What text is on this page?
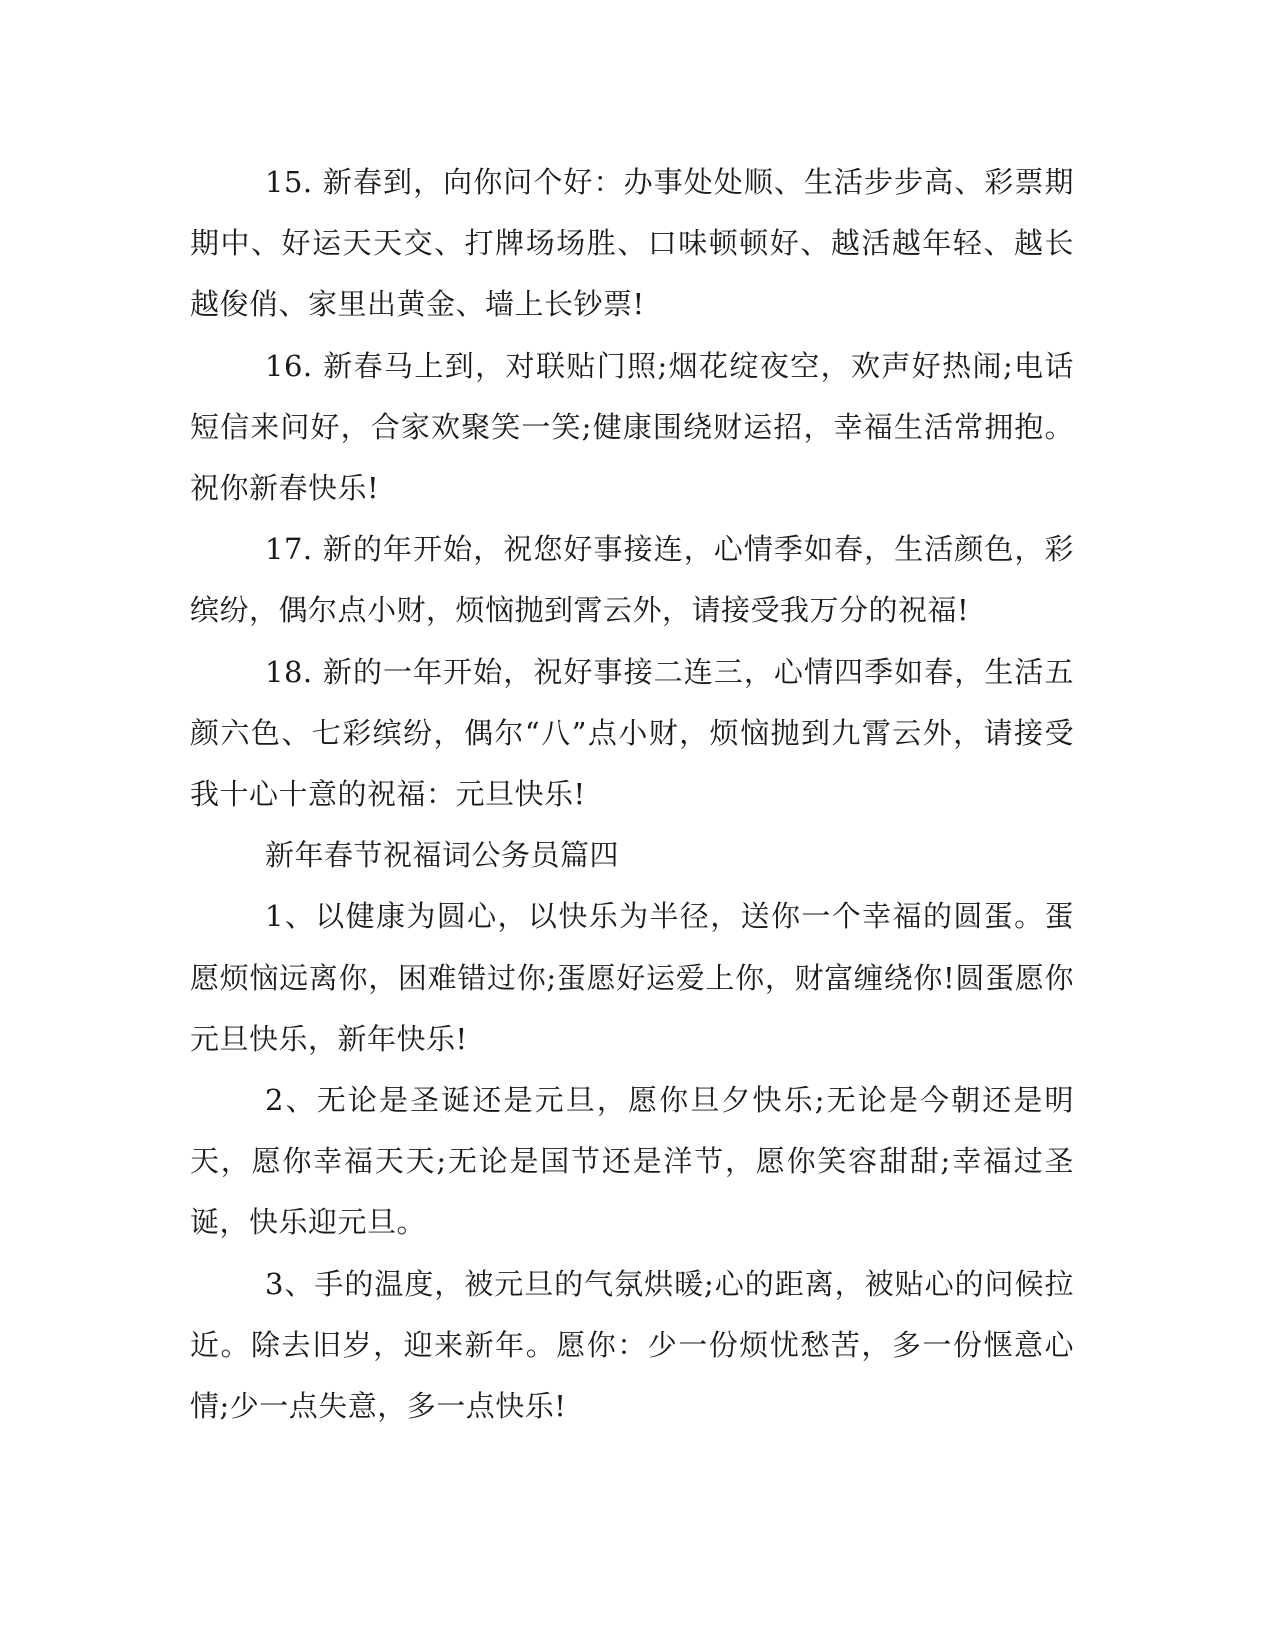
15. 新春到，向你问个好：办事处处顺、生活步步高、彩票期期中、好运天天交、打牌场场胜、口味顿顿好、越活越年轻、越长越俊俏、家里出黄金、墙上长钞票!

16. 新春马上到，对联贴门照;烟花绽夜空，欢声好热闹;电话短信来问好，合家欢聚笑一笑;健康围绕财运招，幸福生活常拥抱。祝你新春快乐!

17. 新的年开始，祝您好事接连，心情季如春，生活颜色，彩缤纷，偶尔点小财，烦恼抛到霄云外，请接受我万分的祝福!

18. 新的一年开始，祝好事接二连三，心情四季如春，生活五颜六色、七彩缤纷，偶尔“八”点小财，烦恼抛到九霄云外，请接受我十心十意的祝福：元旦快乐!

新年春节祝福词公务员篇四

1、以健康为圆心，以快乐为半径，送你一个幸福的圆蛋。蛋愿烦恼远离你，困难错过你;蛋愿好运爱上你，财富缠绕你!圆蛋愿你元旦快乐，新年快乐!

2、无论是圣诞还是元旦，愿你旦夕快乐;无论是今朝还是明天，愿你幸福天天;无论是国节还是洋节，愿你笑容甜甜;幸福过圣诞，快乐迎元旦。

3、手的温度，被元旦的气氛烘暖;心的距离，被贴心的问候拉近。除去旧岁，迎来新年。愿你：少一份烦忧愁苦，多一份惬意心情;少一点失意，多一点快乐!
